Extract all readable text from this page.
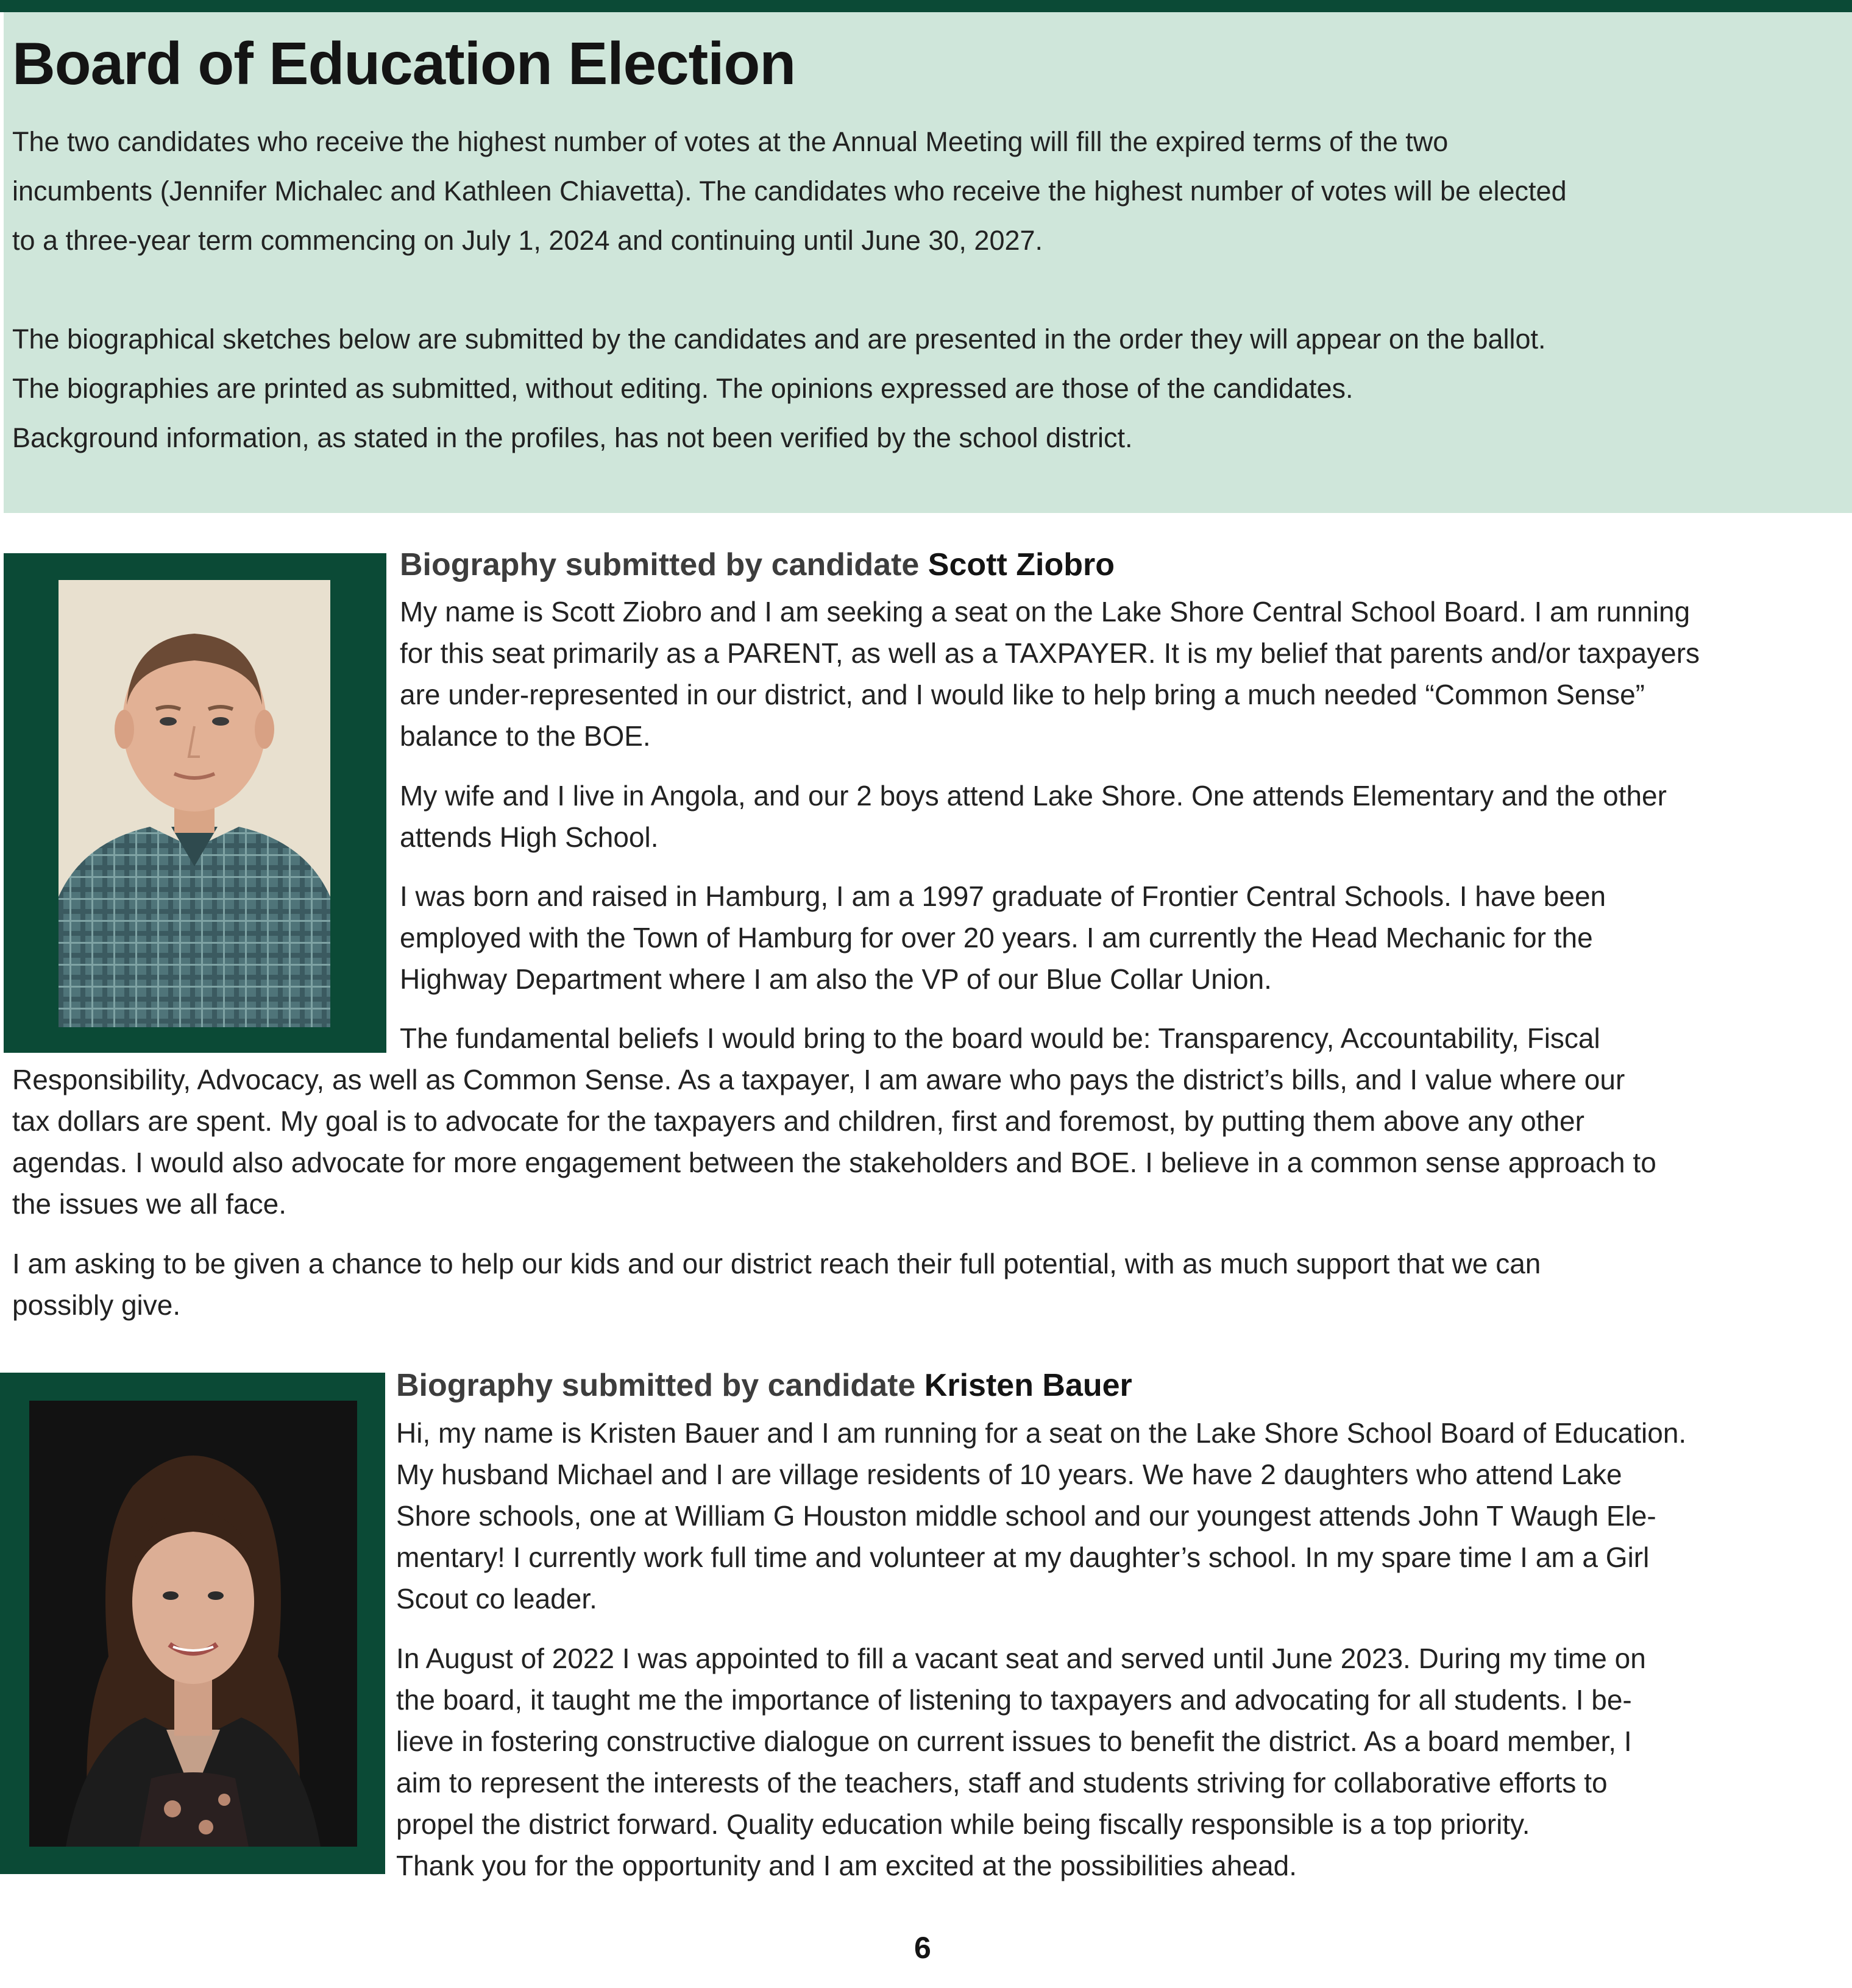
Board of Education Election
The two candidates who receive the highest number of votes at the Annual Meeting will fill the expired terms of the two
incumbents (Jennifer Michalec and Kathleen Chiavetta). The candidates who receive the highest number of votes will be elected
to a three-year term commencing on July 1, 2024 and continuing until June 30, 2027.
The biographical sketches below are submitted by the candidates and are presented in the order they will appear on the ballot.
The biographies are printed as submitted, without editing. The opinions expressed are those of the candidates.
Background information, as stated in the profiles, has not been verified by the school district.
Biography submitted by candidate Scott Ziobro
My name is Scott Ziobro and I am seeking a seat on the Lake Shore Central School Board. I am running
for this seat primarily as a PARENT, as well as a TAXPAYER. It is my belief that parents and/or taxpayers
are under-represented in our district, and I would like to help bring a much needed “Common Sense”
balance to the BOE.
My wife and I live in Angola, and our 2 boys attend Lake Shore. One attends Elementary and the other
attends High School.
I was born and raised in Hamburg, I am a 1997 graduate of Frontier Central Schools. I have been
employed with the Town of Hamburg for over 20 years. I am currently the Head Mechanic for the
Highway Department where I am also the VP of our Blue Collar Union.
The fundamental beliefs I would bring to the board would be: Transparency, Accountability, Fiscal
Responsibility, Advocacy, as well as Common Sense. As a taxpayer, I am aware who pays the district’s bills, and I value where our
tax dollars are spent. My goal is to advocate for the taxpayers and children, first and foremost, by putting them above any other
agendas. I would also advocate for more engagement between the stakeholders and BOE. I believe in a common sense approach to
the issues we all face.
I am asking to be given a chance to help our kids and our district reach their full potential, with as much support that we can
possibly give.
Biography submitted by candidate Kristen Bauer
Hi, my name is Kristen Bauer and I am running for a seat on the Lake Shore School Board of Education.
My husband Michael and I are village residents of 10 years. We have 2 daughters who attend Lake
Shore schools, one at William G Houston middle school and our youngest attends John T Waugh Ele-
mentary! I currently work full time and volunteer at my daughter’s school. In my spare time I am a Girl
Scout co leader.
In August of 2022 I was appointed to fill a vacant seat and served until June 2023. During my time on
the board, it taught me the importance of listening to taxpayers and advocating for all students. I be-
lieve in fostering constructive dialogue on current issues to benefit the district. As a board member, I
aim to represent the interests of the teachers, staff and students striving for collaborative efforts to
propel the district forward. Quality education while being fiscally responsible is a top priority.
Thank you for the opportunity and I am excited at the possibilities ahead.
6
